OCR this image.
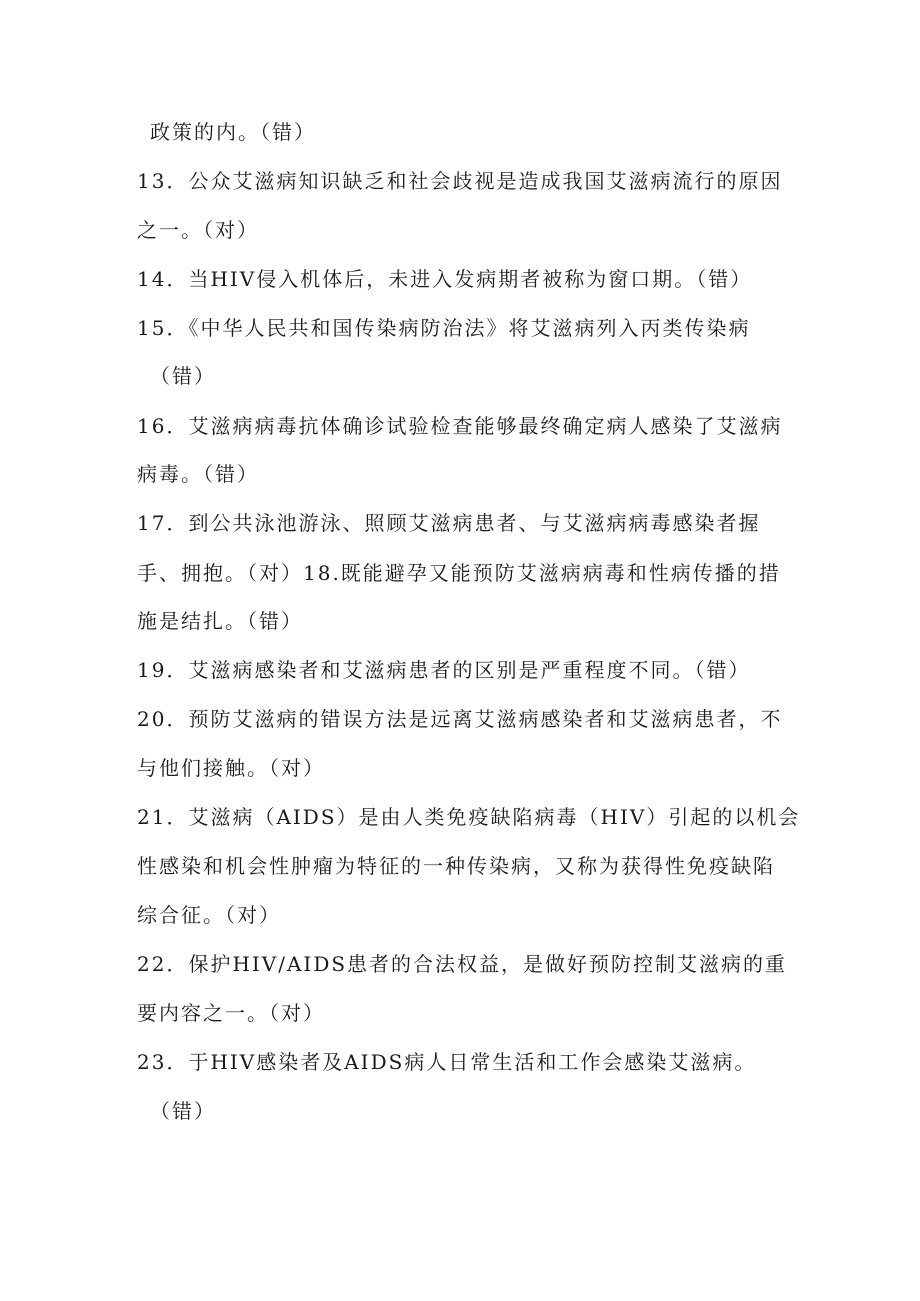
政策的内。（错）
13．公众艾滋病知识缺乏和社会歧视是造成我国艾滋病流行的原因
之一。（对）
14．当HIV侵入机体后，未进入发病期者被称为窗口期。（错）
15．《中华人民共和国传染病防治法》将艾滋病列入丙类传染病
（错）
16．艾滋病病毒抗体确诊试验检查能够最终确定病人感染了艾滋病
病毒。（错）
17．到公共泳池游泳、照顾艾滋病患者、与艾滋病病毒感染者握
手、拥抱。（对）18.既能避孕又能预防艾滋病病毒和性病传播的措
施是结扎。（错）
19．艾滋病感染者和艾滋病患者的区别是严重程度不同。（错）
20．预防艾滋病的错误方法是远离艾滋病感染者和艾滋病患者，不
与他们接触。（对）
21．艾滋病（AIDS）是由人类免疫缺陷病毒（HIV）引起的以机会
性感染和机会性肿瘤为特征的一种传染病，又称为获得性免疫缺陷
综合征。（对）
22．保护HIV/AIDS患者的合法权益，是做好预防控制艾滋病的重
要内容之一。（对）
23．于HIV感染者及AIDS病人日常生活和工作会感染艾滋病。
（错）
